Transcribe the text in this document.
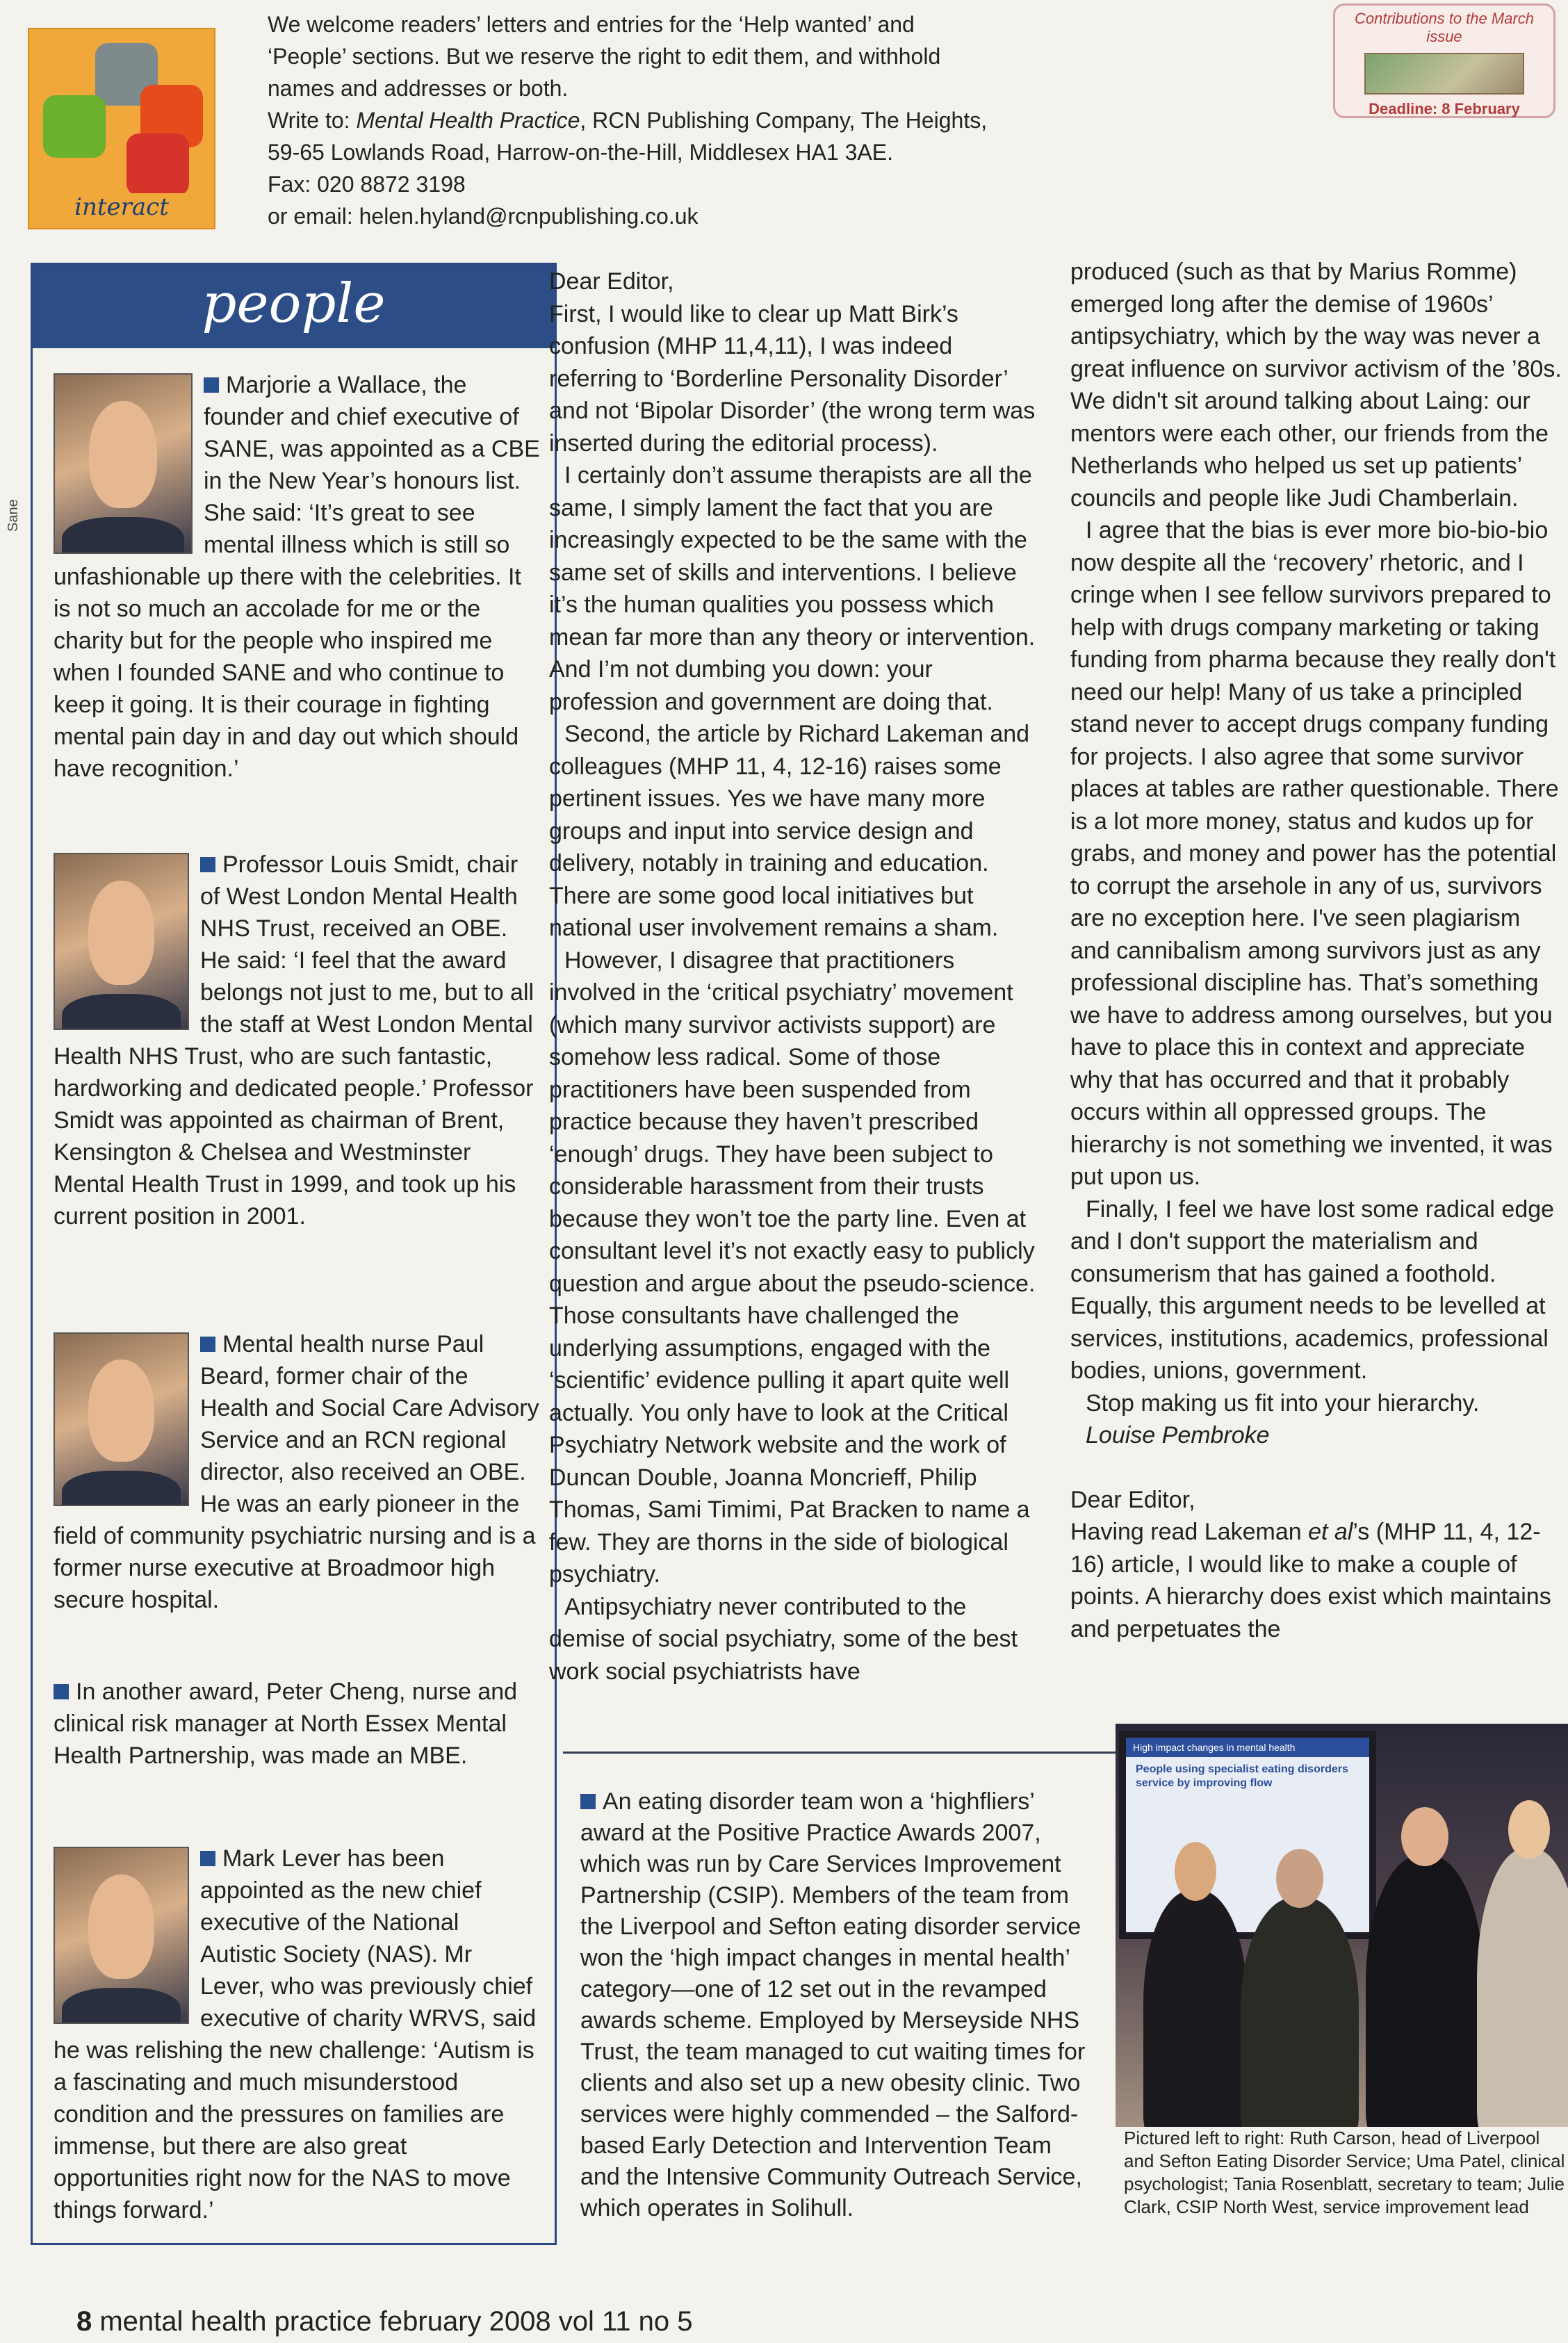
interact

We welcome readers’ letters and entries for the ‘Help wanted’ and

‘People’ sections. But we reserve the right to edit them, and withhold

names and addresses or both.

Write to: Mental Health Practice, RCN Publishing Company, The Heights,

59-65 Lowlands Road, Harrow-on-the-Hill, Middlesex HA1 3AE.

Fax: 020 8872 3198

or email: helen.hyland@rcnpublishing.co.uk

Contributions to the March issue
Deadline: 8 February
Sane
people
Marjorie a Wallace, the founder and chief executive of SANE, was appointed as a CBE in the New Year’s honours list. She said: ‘It’s great to see mental illness which is still so unfashionable up there with the celebrities. It is not so much an accolade for me or the charity but for the people who inspired me when I founded SANE and who continue to keep it going. It is their courage in fighting mental pain day in and day out which should have recognition.’
Professor Louis Smidt, chair of West London Mental Health NHS Trust, received an OBE. He said: ‘I feel that the award belongs not just to me, but to all the staff at West London Mental Health NHS Trust, who are such fantastic, hardworking and dedicated people.’ Professor Smidt was appointed as chairman of Brent, Kensington & Chelsea and Westminster Mental Health Trust in 1999, and took up his current position in 2001.
Mental health nurse Paul Beard, former chair of the Health and Social Care Advisory Service and an RCN regional director, also received an OBE. He was an early pioneer in the field of community psychiatric nursing and is a former nurse executive at Broadmoor high secure hospital.
In another award, Peter Cheng, nurse and clinical risk manager at North Essex Mental Health Partnership, was made an MBE.
Mark Lever has been appointed as the new chief executive of the National Autistic Society (NAS). Mr Lever, who was previously chief executive of charity WRVS, said he was relishing the new challenge: ‘Autism is a fascinating and much misunderstood condition and the pressures on families are immense, but there are also great opportunities right now for the NAS to move things forward.’

Dear Editor,

First, I would like to clear up Matt Birk’s confusion (MHP 11,4,11), I was indeed referring to ‘Borderline Personality Disorder’ and not ‘Bipolar Disorder’ (the wrong term was inserted during the editorial process).

I certainly don’t assume therapists are all the same, I simply lament the fact that you are increasingly expected to be the same with the same set of skills and interventions. I believe it’s the human qualities you possess which mean far more than any theory or intervention. And I’m not dumbing you down: your profession and government are doing that.

Second, the article by Richard Lakeman and colleagues (MHP 11, 4, 12-16) raises some pertinent issues. Yes we have many more groups and input into service design and delivery, notably in training and education. There are some good local initiatives but national user involvement remains a sham.

However, I disagree that practitioners involved in the ‘critical psychiatry’ movement (which many survivor activists support) are somehow less radical. Some of those practitioners have been suspended from practice because they haven’t prescribed ‘enough’ drugs. They have been subject to considerable harassment from their trusts because they won’t toe the party line. Even at consultant level it’s not exactly easy to publicly question and argue about the pseudo-science. Those consultants have challenged the underlying assumptions, engaged with the ‘scientific’ evidence pulling it apart quite well actually. You only have to look at the Critical Psychiatry Network website and the work of Duncan Double, Joanna Moncrieff, Philip Thomas, Sami Timimi, Pat Bracken to name a few. They are thorns in the side of biological psychiatry.

Antipsychiatry never contributed to the demise of social psychiatry, some of the best work social psychiatrists have

produced (such as that by Marius Romme) emerged long after the demise of 1960s’ antipsychiatry, which by the way was never a great influence on survivor activism of the ’80s. We didn't sit around talking about Laing: our mentors were each other, our friends from the Netherlands who helped us set up patients’ councils and people like Judi Chamberlain.

I agree that the bias is ever more bio-bio-bio now despite all the ‘recovery’ rhetoric, and I cringe when I see fellow survivors prepared to help with drugs company marketing or taking funding from pharma because they really don't need our help! Many of us take a principled stand never to accept drugs company funding for projects. I also agree that some survivor places at tables are rather questionable. There is a lot more money, status and kudos up for grabs, and money and power has the potential to corrupt the arsehole in any of us, survivors are no exception here. I've seen plagiarism and cannibalism among survivors just as any professional discipline has. That’s something we have to address among ourselves, but you have to place this in context and appreciate why that has occurred and that it probably occurs within all oppressed groups. The hierarchy is not something we invented, it was put upon us.

Finally, I feel we have lost some radical edge and I don't support the materialism and consumerism that has gained a foothold. Equally, this argument needs to be levelled at services, institutions, academics, professional bodies, unions, government.

Stop making us fit into your hierarchy.

Louise Pembroke

Dear Editor,

Having read Lakeman et al’s (MHP 11, 4, 12-16) article, I would like to make a couple of points. A hierarchy does exist which maintains and perpetuates the

An eating disorder team won a ‘highfliers’ award at the Positive Practice Awards 2007, which was run by Care Services Improvement Partnership (CSIP). Members of the team from the Liverpool and Sefton eating disorder service won the ‘high impact changes in mental health’ category—one of 12 set out in the revamped awards scheme. Employed by Merseyside NHS Trust, the team managed to cut waiting times for clients and also set up a new obesity clinic. Two services were highly commended – the Salford-based Early Detection and Intervention Team and the Intensive Community Outreach Service, which operates in Solihull.
High impact changes in mental health
People using specialist eating disorders service by improving flow
Pictured left to right: Ruth Carson, head of Liverpool and Sefton Eating Disorder Service; Uma Patel, clinical psychologist; Tania Rosenblatt, secretary to team; Julie Clark, CSIP North West, service improvement lead
8 mental health practice february 2008 vol 11 no 5
